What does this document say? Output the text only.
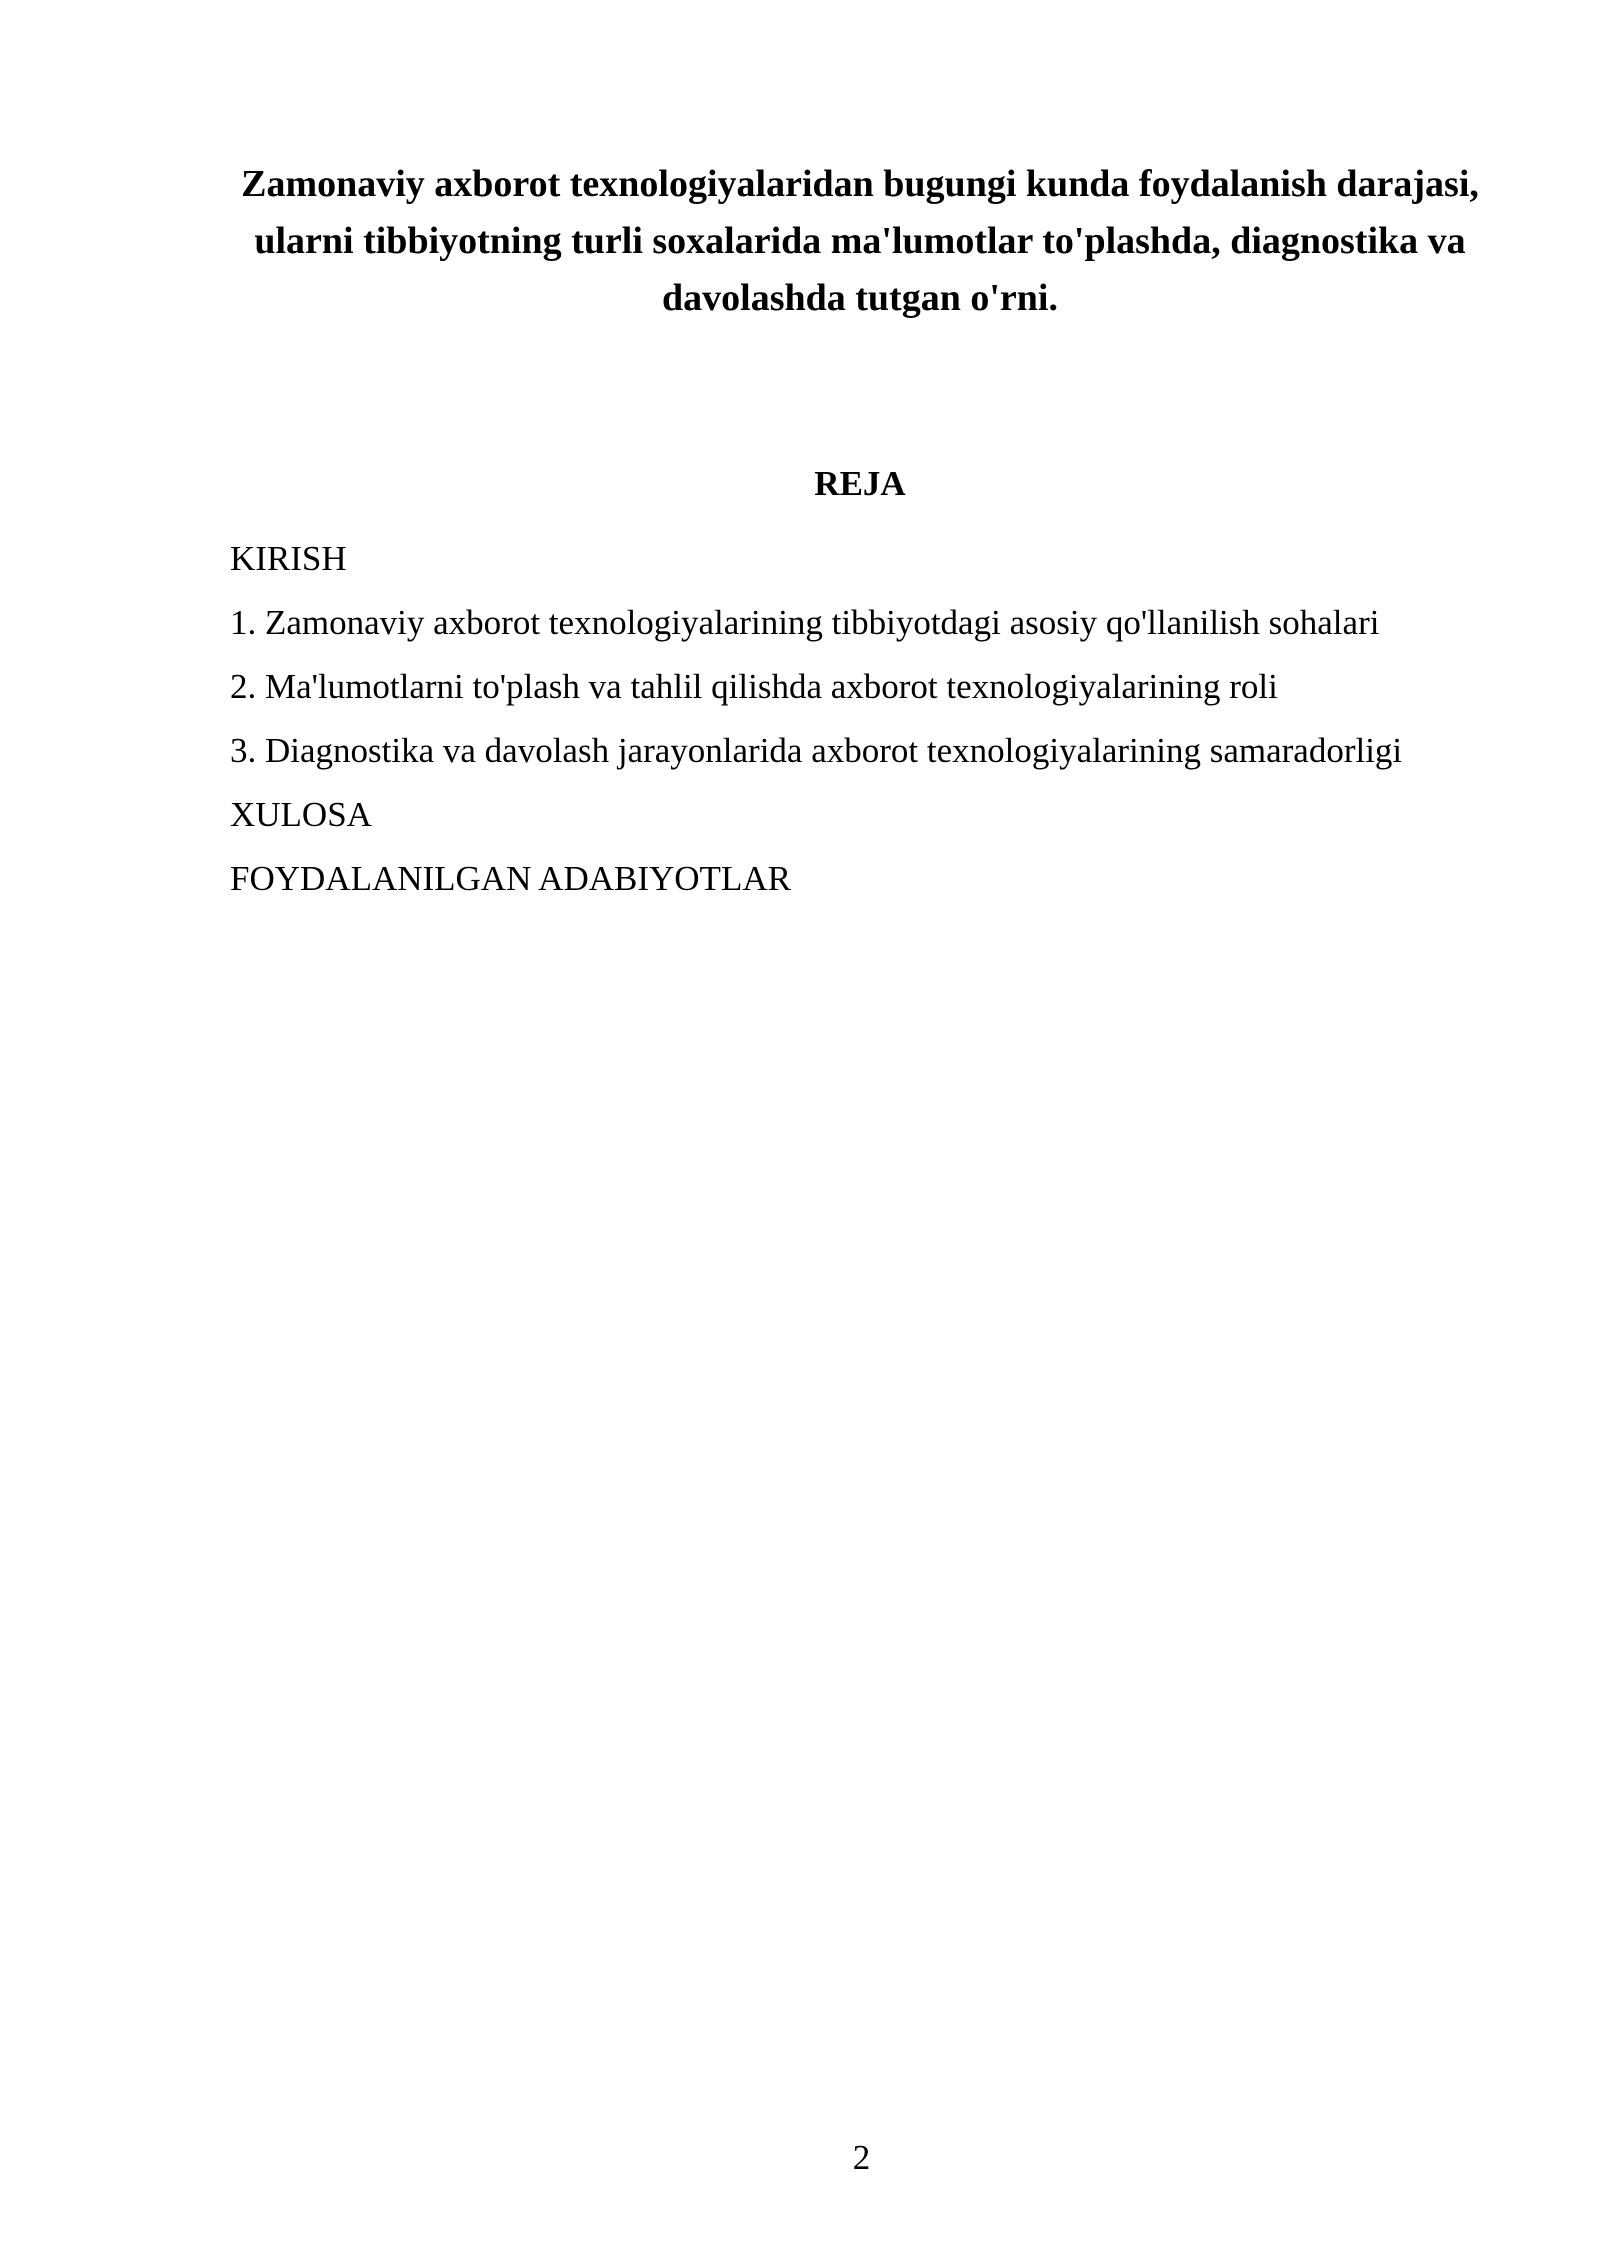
Zamonaviy axborot texnologiyalaridan bugungi kunda foydalanish darajasi, ularni tibbiyotning turli soxalarida ma'lumotlar to'plashda, diagnostika va davolashda tutgan o'rni.
REJA
KIRISH
1. Zamonaviy axborot texnologiyalarining tibbiyotdagi asosiy qo'llanilish sohalari
2. Ma'lumotlarni to'plash va tahlil qilishda axborot texnologiyalarining roli
3. Diagnostika va davolash jarayonlarida axborot texnologiyalarining samaradorligi
XULOSA
FOYDALANILGAN ADABIYOTLAR
2
